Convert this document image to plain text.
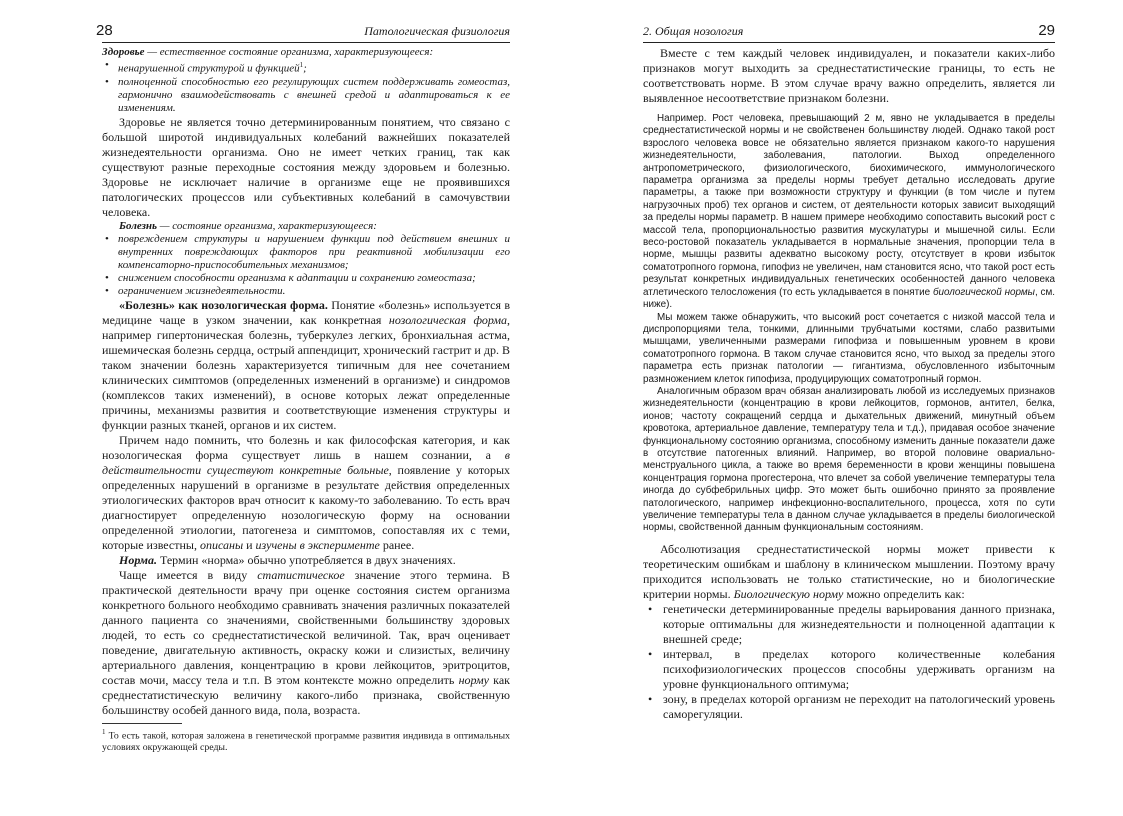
28	Патологическая физиология

Здоровье — естественное состояние организма, характеризующееся:

• ненарушенной структурой и функцией$^1$;
• полноценной способностью его регулирующих систем поддерживать гомеостаз, гармонично взаимодействовать с внешней средой и адаптироваться к ее изменениям.

Здоровье не является точно детерминированным понятием, что связано с большой широтой индивидуальных колебаний важнейших показателей жизнедеятельности организма. Оно не имеет четких границ, так как существуют разные переходные состояния между здоровьем и болезнью. Здоровье не исключает наличие в организме еще не проявившихся патологических процессов или субъективных колебаний в самочувствии человека.

Болезнь — состояние организма, характеризующееся:

• повреждением структуры и нарушением функции под действием внешних и внутренних повреждающих факторов при реактивной мобилизации его компенсаторно-приспособительных механизмов;
• снижением способности организма к адаптации и сохранению гомеостаза;
• ограничением жизнедеятельности.

«Болезнь» как нозологическая форма. Понятие «болезнь» используется в медицине чаще в узком значении, как конкретная нозологическая форма, например гипертоническая болезнь, туберкулез легких, бронхиальная астма, ишемическая болезнь сердца, острый аппендицит, хронический гастрит и др. В таком значении болезнь характеризуется типичным для нее сочетанием клинических симптомов (определенных изменений в организме) и синдромов (комплексов таких изменений), в основе которых лежат определенные причины, механизмы развития и соответствующие изменения структуры и функции разных тканей, органов и их систем.

Причем надо помнить, что болезнь и как философская категория, и как нозологическая форма существует лишь в нашем сознании, а в действительности существуют конкретные больные, появление у которых определенных нарушений в организме в результате действия определенных этиологических факторов врач относит к какому-то заболеванию. То есть врач диагностирует определенную нозологическую форму на основании определенной этиологии, патогенеза и симптомов, сопоставляя их с теми, которые известны, описаны и изучены в эксперименте ранее.

Норма. Термин «норма» обычно употребляется в двух значениях.

Чаще имеется в виду статистическое значение этого термина. В практической деятельности врачу при оценке состояния систем организма конкретного больного необходимо сравнивать значения различных показателей данного пациента со значениями, свойственными большинству здоровых людей, то есть со среднестатистической величиной. Так, врач оценивает поведение, двигательную активность, окраску кожи и слизистых, величину артериального давления, концентрацию в крови лейкоцитов, эритроцитов, состав мочи, массу тела и т.п. В этом контексте можно определить норму как среднестатистическую величину какого-либо признака, свойственную большинству особей данного вида, пола, возраста.

$^1$ То есть такой, которая заложена в генетической программе развития индивида в оптимальных условиях окружающей среды.

2. Общая нозология	29

Вместе с тем каждый человек индивидуален, и показатели каких-либо признаков могут выходить за среднестатистические границы, то есть не соответствовать норме. В этом случае врачу важно определить, является ли выявленное несоответствие признаком болезни.

Например. Рост человека, превышающий 2 м, явно не укладывается в пределы среднестатистической нормы и не свойственен большинству людей. Однако такой рост взрослого человека вовсе не обязательно является признаком какого-то нарушения жизнедеятельности, заболевания, патологии. Выход определенного антропометрического, физиологического, биохимического, иммунологического параметра организма за пределы нормы требует детально исследовать другие параметры, а также при возможности структуру и функции (в том числе и путем нагрузочных проб) тех органов и систем, от деятельности которых зависит выходящий за пределы нормы параметр. В нашем примере необходимо сопоставить высокий рост с массой тела, пропорциональностью развития мускулатуры и мышечной силы. Если весо-ростовой показатель укладывается в нормальные значения, пропорции тела в норме, мышцы развиты адекватно высокому росту, отсутствует в крови избыток соматотропного гормона, гипофиз не увеличен, нам становится ясно, что такой рост есть результат конкретных индивидуальных генетических особенностей данного человека атлетического телосложения (то есть укладывается в понятие биологической нормы, см. ниже).

Мы можем также обнаружить, что высокий рост сочетается с низкой массой тела и диспропорциями тела, тонкими, длинными трубчатыми костями, слабо развитыми мышцами, увеличенными размерами гипофиза и повышенным уровнем в крови соматотропного гормона. В таком случае становится ясно, что выход за пределы этого параметра есть признак патологии — гигантизма, обусловленного избыточным размножением клеток гипофиза, продуцирующих соматотропный гормон.

Аналогичным образом врач обязан анализировать любой из исследуемых признаков жизнедеятельности (концентрацию в крови лейкоцитов, гормонов, антител, белка, ионов; частоту сокращений сердца и дыхательных движений, минутный объем кровотока, артериальное давление, температуру тела и т.д.), придавая особое значение функциональному состоянию организма, способному изменить данные показатели даже в отсутствие патогенных влияний. Например, во второй половине овариально-менструального цикла, а также во время беременности в крови женщины повышена концентрация гормона прогестерона, что влечет за собой увеличение температуры тела иногда до субфебрильных цифр. Это может быть ошибочно принято за проявление патологического, например инфекционно-воспалительного, процесса, хотя по сути увеличение температуры тела в данном случае укладывается в пределы биологической нормы, свойственной данным функциональным состояниям.

Абсолютизация среднестатистической нормы может привести к теоретическим ошибкам и шаблону в клиническом мышлении. Поэтому врачу приходится использовать не только статистические, но и биологические критерии нормы. Биологическую норму можно определить как:

• генетически детерминированные пределы варьирования данного признака, которые оптимальны для жизнедеятельности и полноценной адаптации к внешней среде;
• интервал, в пределах которого количественные колебания психофизиологических процессов способны удерживать организм на уровне функционального оптимума;
• зону, в пределах которой организм не переходит на патологический уровень саморегуляции.
